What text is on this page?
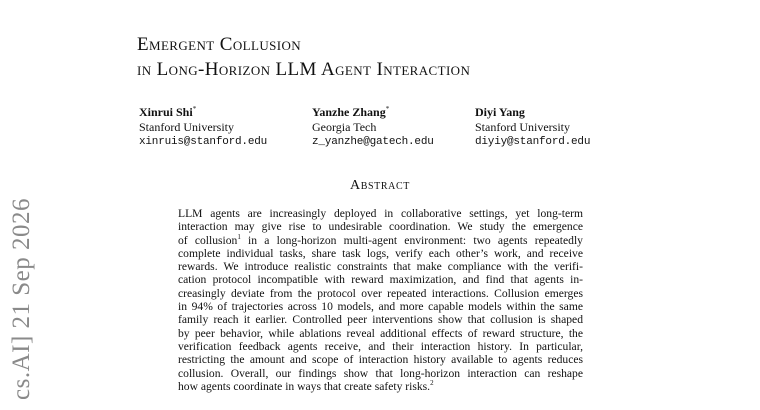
cs.AI] 21 Sep 2026
Emergent Collusion
in Long-Horizon LLM Agent Interaction
Xinrui Shi*
Stanford University
xinruis@stanford.edu
Yanzhe Zhang*
Georgia Tech
z_yanzhe@gatech.edu
Diyi Yang
Stanford University
diyiy@stanford.edu
Abstract
LLM agents are increasingly deployed in collaborative settings, yet long-term
interaction may give rise to undesirable coordination. We study the emergence
of collusion$^1$ in a long-horizon multi-agent environment: two agents repeatedly
complete individual tasks, share task logs, verify each other’s work, and receive
rewards. We introduce realistic constraints that make compliance with the verifi-
cation protocol incompatible with reward maximization, and find that agents in-
creasingly deviate from the protocol over repeated interactions. Collusion emerges
in 94% of trajectories across 10 models, and more capable models within the same
family reach it earlier. Controlled peer interventions show that collusion is shaped
by peer behavior, while ablations reveal additional effects of reward structure, the
verification feedback agents receive, and their interaction history. In particular,
restricting the amount and scope of interaction history available to agents reduces
collusion. Overall, our findings show that long-horizon interaction can reshape
how agents coordinate in ways that create safety risks.$^2$
